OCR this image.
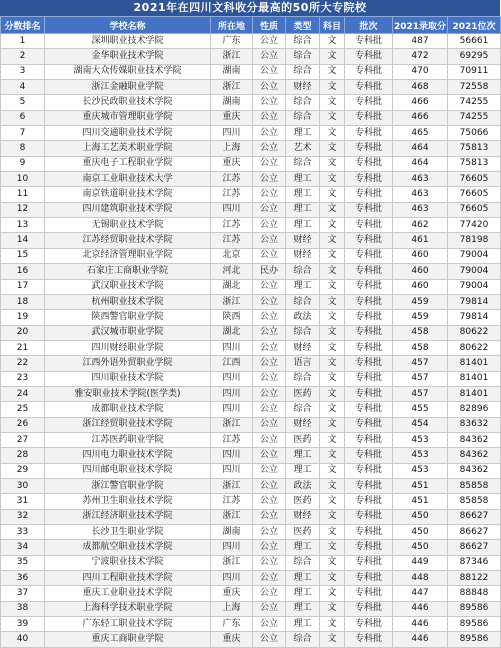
2021年在四川文科收分最高的50所大专院校
分数排名	学校名称	所在地	性质	类型	科目	批次	2021录取分	2021位次
1	深圳职业技术学院	广东	公立	综合	文	专科批	487	56661
2	金华职业技术学院	浙江	公立	综合	文	专科批	472	69295
3	湖南大众传媒职业技术学院	湖南	公立	综合	文	专科批	470	70911
4	浙江金融职业学院	浙江	公立	财经	文	专科批	468	72558
5	长沙民政职业技术学院	湖南	公立	综合	文	专科批	466	74255
6	重庆城市管理职业学院	重庆	公立	综合	文	专科批	466	74255
7	四川交通职业技术学院	四川	公立	理工	文	专科批	465	75066
8	上海工艺美术职业学院	上海	公立	艺术	文	专科批	464	75813
9	重庆电子工程职业学院	重庆	公立	综合	文	专科批	464	75813
10	南京工业职业技术大学	江苏	公立	理工	文	专科批	463	76605
11	南京铁道职业技术学院	江苏	公立	理工	文	专科批	463	76605
12	四川建筑职业技术学院	四川	公立	理工	文	专科批	463	76605
13	无锡职业技术学院	江苏	公立	理工	文	专科批	462	77420
14	江苏经贸职业技术学院	江苏	公立	财经	文	专科批	461	78198
15	北京经济管理职业学院	北京	公立	财经	文	专科批	460	79004
16	石家庄工商职业学院	河北	民办	综合	文	专科批	460	79004
17	武汉职业技术学院	湖北	公立	理工	文	专科批	460	79004
18	杭州职业技术学院	浙江	公立	综合	文	专科批	459	79814
19	陕西警官职业学院	陕西	公立	政法	文	专科批	459	79814
20	武汉城市职业学院	湖北	公立	综合	文	专科批	458	80622
21	四川财经职业学院	四川	公立	财经	文	专科批	458	80622
22	江西外语外贸职业学院	江西	公立	语言	文	专科批	457	81401
23	四川职业技术学院	四川	公立	综合	文	专科批	457	81401
24	雅安职业技术学院(医学类)	四川	公立	医药	文	专科批	457	81401
25	成都职业技术学院	四川	公立	综合	文	专科批	455	82896
26	浙江经贸职业技术学院	浙江	公立	财经	文	专科批	454	83632
27	江苏医药职业学院	江苏	公立	医药	文	专科批	453	84362
28	四川电力职业技术学院	四川	公立	理工	文	专科批	453	84362
29	四川邮电职业技术学院	四川	公立	理工	文	专科批	453	84362
30	浙江警官职业学院	浙江	公立	政法	文	专科批	451	85858
31	苏州卫生职业技术学院	江苏	公立	医药	文	专科批	451	85858
32	浙江经济职业技术学院	浙江	公立	财经	文	专科批	450	86627
33	长沙卫生职业学院	湖南	公立	医药	文	专科批	450	86627
34	成都航空职业技术学院	四川	公立	理工	文	专科批	450	86627
35	宁波职业技术学院	浙江	公立	综合	文	专科批	449	87346
36	四川工程职业技术学院	四川	公立	理工	文	专科批	448	88122
37	重庆工业职业技术学院	重庆	公立	理工	文	专科批	447	88848
38	上海科学技术职业学院	上海	公立	理工	文	专科批	446	89586
39	广东轻工职业技术学院	广东	公立	理工	文	专科批	446	89586
40	重庆工商职业学院	重庆	公立	综合	文	专科批	446	89586
